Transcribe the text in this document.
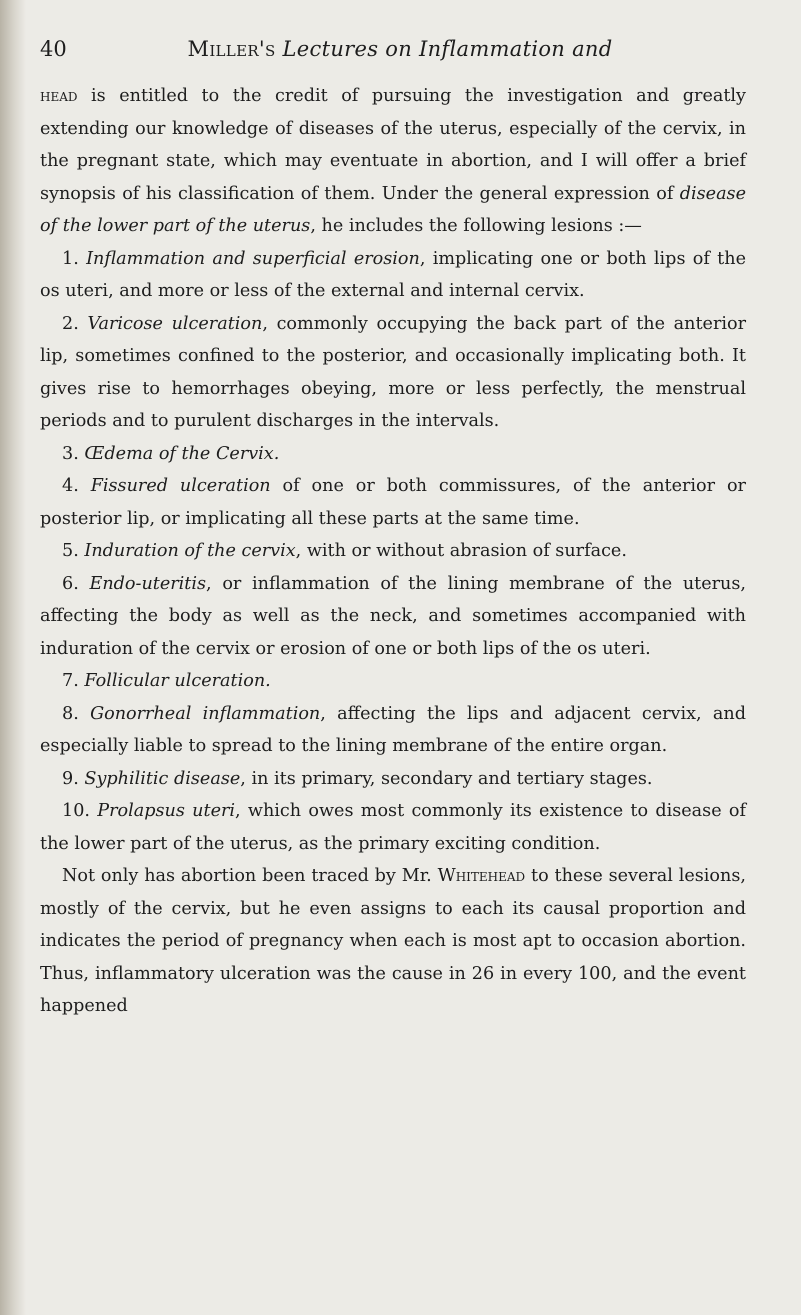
40	Miller's Lectures on Inflammation and

head is entitled to the credit of pursuing the investigation and greatly extending our knowledge of diseases of the uterus, especially of the cervix, in the pregnant state, which may eventuate in abortion, and I will offer a brief synopsis of his classification of them. Under the general expression of disease of the lower part of the uterus, he includes the following lesions :—

1. Inflammation and superficial erosion, implicating one or both lips of the os uteri, and more or less of the external and internal cervix.

2. Varicose ulceration, commonly occupying the back part of the anterior lip, sometimes confined to the posterior, and occasionally implicating both. It gives rise to hemorrhages obeying, more or less perfectly, the menstrual periods and to purulent discharges in the intervals.

3. Œdema of the Cervix.

4. Fissured ulceration of one or both commissures, of the anterior or posterior lip, or implicating all these parts at the same time.

5. Induration of the cervix, with or without abrasion of surface.

6. Endo-uteritis, or inflammation of the lining membrane of the uterus, affecting the body as well as the neck, and sometimes accompanied with induration of the cervix or erosion of one or both lips of the os uteri.

7. Follicular ulceration.

8. Gonorrheal inflammation, affecting the lips and adjacent cervix, and especially liable to spread to the lining membrane of the entire organ.

9. Syphilitic disease, in its primary, secondary and tertiary stages.

10. Prolapsus uteri, which owes most commonly its existence to disease of the lower part of the uterus, as the primary exciting condition.

Not only has abortion been traced by Mr. Whitehead to these several lesions, mostly of the cervix, but he even assigns to each its causal proportion and indicates the period of pregnancy when each is most apt to occasion abortion. Thus, inflammatory ulceration was the cause in 26 in every 100, and the event happened
